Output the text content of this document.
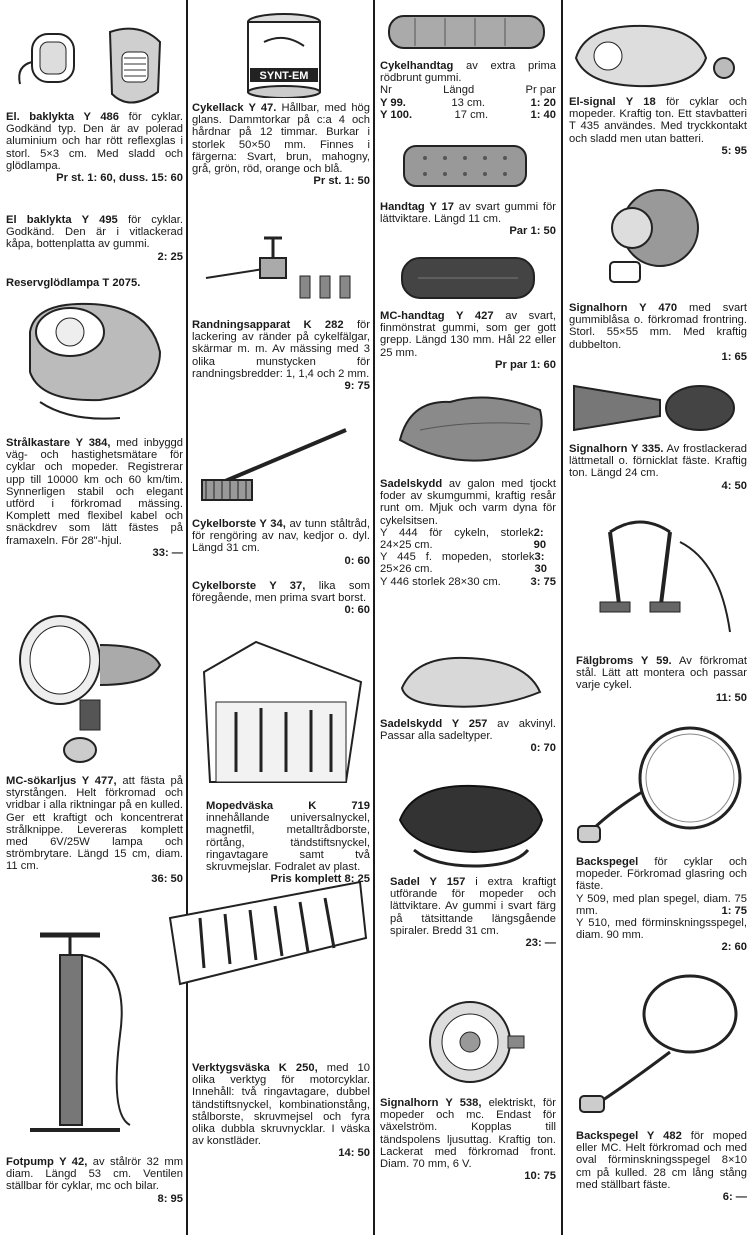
El. baklykta Y 486 för cyklar. Godkänd typ. Den är av polerad aluminium och har rött reflexglas i storl. 5×3 cm. Med sladd och glödlampa.

Pr st. 1: 60, duss. 15: 60

El baklykta Y 495 för cyklar. Godkänd. Den är i vitlackerad kåpa, bottenplatta av gummi.

2: 25

Reservglödlampa T 2075.

Strålkastare Y 384, med inbyggd väg- och hastighetsmätare för cyklar och mopeder. Registrerar upp till 10000 km och 60 km/tim. Synnerligen stabil och elegant utförd i förkromad mässing. Komplett med flexibel kabel och snäckdrev som lätt fästes på framaxeln. För 28"-hjul.

33: —

MC-sökarljus Y 477, att fästa på styrstången. Helt förkromad och vridbar i alla riktningar på en kulled. Ger ett kraftigt och koncentrerat strålknippe. Levereras komplett med 6V/25W lampa och strömbrytare. Längd 15 cm, diam. 11 cm.

36: 50

Fotpump Y 42, av stålrör 32 mm diam. Längd 53 cm. Ventilen ställbar för cyklar, mc och bilar.

8: 95
SYNT-EM

Cykellack Y 47. Hållbar, med hög glans. Dammtorkar på c:a 4 och hårdnar på 12 timmar. Burkar i storlek 50×50 mm. Finnes i färgerna: Svart, brun, mahogny, grå, grön, röd, orange och blå.

Pr st. 1: 50

Randningsapparat K 282 för lackering av ränder på cykelfälgar, skärmar m. m. Av mässing med 3 olika munstycken för randningsbredder: 1, 1,4 och 2 mm.

9: 75

Cykelborste Y 34, av tunn ståltråd, för rengöring av nav, kedjor o. dyl. Längd 31 cm.

0: 60

Cykelborste Y 37, lika som föregående, men prima svart borst.

0: 60

Mopedväska K 719 innehållande universalnyckel, magnetfil, metalltrådborste, rörtång, tändstiftsnyckel, ringavtagare samt två skruvmejslar. Fodralet av plast.

Pris komplett 8: 25

Verktygsväska K 250, med 10 olika verktyg för motorcyklar. Innehåll: två ringavtagare, dubbel tändstiftsnyckel, kombinationstång, stålborste, skruvmejsel och fyra olika dubbla skruvnycklar. I väska av konstläder.

14: 50

Cykelhandtag av extra prima rödbrunt gummi.

Nr	Längd	Pr par
Y 99.	13 cm.	1: 20
Y 100.	17 cm.	1: 40

Handtag Y 17 av svart gummi för lättviktare. Längd 11 cm.

Par 1: 50

MC-handtag Y 427 av svart, finmönstrat gummi, som ger gott grepp. Längd 130 mm. Hål 22 eller 25 mm.

Pr par 1: 60

Sadelskydd av galon med tjockt foder av skumgummi, kraftig resår runt om. Mjuk och varm dyna för cykelsitsen.

Y 444 för cykeln, storlek 24×25 cm.
2: 90
Y 445 f. mopeden, storlek 25×26 cm.
3: 30
Y 446 storlek 28×30 cm.	3: 75

Sadelskydd Y 257 av akvinyl. Passar alla sadeltyper.

0: 70

Sadel Y 157 i extra kraftigt utförande för mopeder och lättviktare. Av gummi i svart färg på tätsittande längsgående spiraler. Bredd 31 cm.

23: —

Signalhorn Y 538, elektriskt, för mopeder och mc. Endast för växelström. Kopplas till tändspolens ljusuttag. Kraftig ton. Lackerat med förkromad front. Diam. 70 mm, 6 V.

10: 75

El-signal Y 18 för cyklar och mopeder. Kraftig ton. Ett stavbatteri T 435 användes. Med tryckkontakt och sladd men utan batteri.

5: 95

Signalhorn Y 470 med svart gummiblåsa o. förkromad frontring. Storl. 55×55 mm. Med kraftig dubbelton.

1: 65

Signalhorn Y 335. Av frostlackerad lättmetall o. förnicklat fäste. Kraftig ton. Längd 24 cm.

4: 50

Fälgbroms Y 59. Av förkromat stål. Lätt att montera och passar varje cykel.

11: 50

Backspegel för cyklar och mopeder. Förkromad glasring och fäste.

Y 509, med plan spegel, diam. 75 mm.	1: 75
Y 510, med förminskningsspegel, diam. 90 mm.
2: 60

Backspegel Y 482 för moped eller MC. Helt förkromad och med oval förminskningsspegel 8×10 cm på kulled. 28 cm lång stång med ställbart fäste.

6: —
